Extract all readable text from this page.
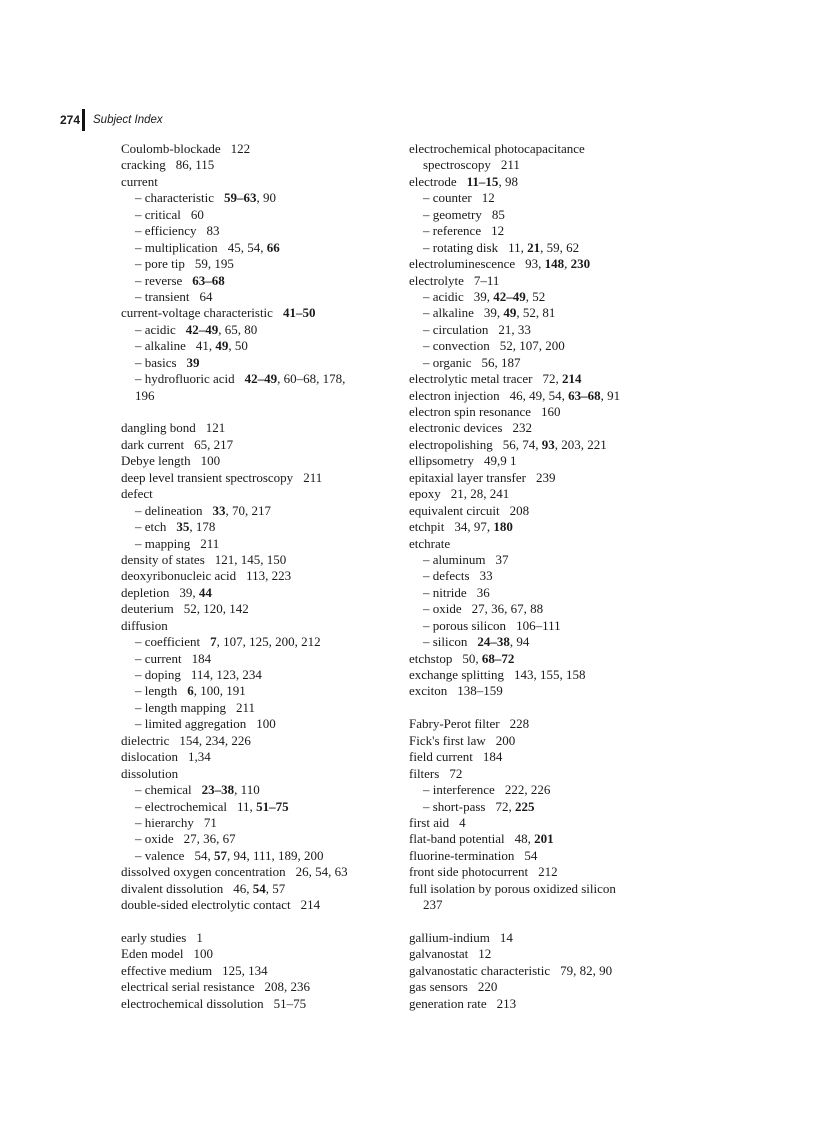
274 Subject Index
Coulomb-blockade 122
cracking 86, 115
current
– characteristic 59–63, 90
– critical 60
– efficiency 83
– multiplication 45, 54, 66
– pore tip 59, 195
– reverse 63–68
– transient 64
current-voltage characteristic 41–50
– acidic 42–49, 65, 80
– alkaline 41, 49, 50
– basics 39
– hydrofluoric acid 42–49, 60–68, 178,
196
dangling bond 121
dark current 65, 217
Debye length 100
deep level transient spectroscopy 211
defect
– delineation 33, 70, 217
– etch 35, 178
– mapping 211
density of states 121, 145, 150
deoxyribonucleic acid 113, 223
depletion 39, 44
deuterium 52, 120, 142
diffusion
– coefficient 7, 107, 125, 200, 212
– current 184
– doping 114, 123, 234
– length 6, 100, 191
– length mapping 211
– limited aggregation 100
dielectric 154, 234, 226
dislocation 1,34
dissolution
– chemical 23–38, 110
– electrochemical 11, 51–75
– hierarchy 71
– oxide 27, 36, 67
– valence 54, 57, 94, 111, 189, 200
dissolved oxygen concentration 26, 54, 63
divalent dissolution 46, 54, 57
double-sided electrolytic contact 214
early studies 1
Eden model 100
effective medium 125, 134
electrical serial resistance 208, 236
electrochemical dissolution 51–75
electrochemical photocapacitance
spectroscopy 211
electrode 11–15, 98
– counter 12
– geometry 85
– reference 12
– rotating disk 11, 21, 59, 62
electroluminescence 93, 148, 230
electrolyte 7–11
– acidic 39, 42–49, 52
– alkaline 39, 49, 52, 81
– circulation 21, 33
– convection 52, 107, 200
– organic 56, 187
electrolytic metal tracer 72, 214
electron injection 46, 49, 54, 63–68, 91
electron spin resonance 160
electronic devices 232
electropolishing 56, 74, 93, 203, 221
ellipsometry 49,9 1
epitaxial layer transfer 239
epoxy 21, 28, 241
equivalent circuit 208
etchpit 34, 97, 180
etchrate
– aluminum 37
– defects 33
– nitride 36
– oxide 27, 36, 67, 88
– porous silicon 106–111
– silicon 24–38, 94
etchstop 50, 68–72
exchange splitting 143, 155, 158
exciton 138–159
Fabry-Perot filter 228
Fick's first law 200
field current 184
filters 72
– interference 222, 226
– short-pass 72, 225
first aid 4
flat-band potential 48, 201
fluorine-termination 54
front side photocurrent 212
full isolation by porous oxidized silicon
237
gallium-indium 14
galvanostat 12
galvanostatic characteristic 79, 82, 90
gas sensors 220
generation rate 213
